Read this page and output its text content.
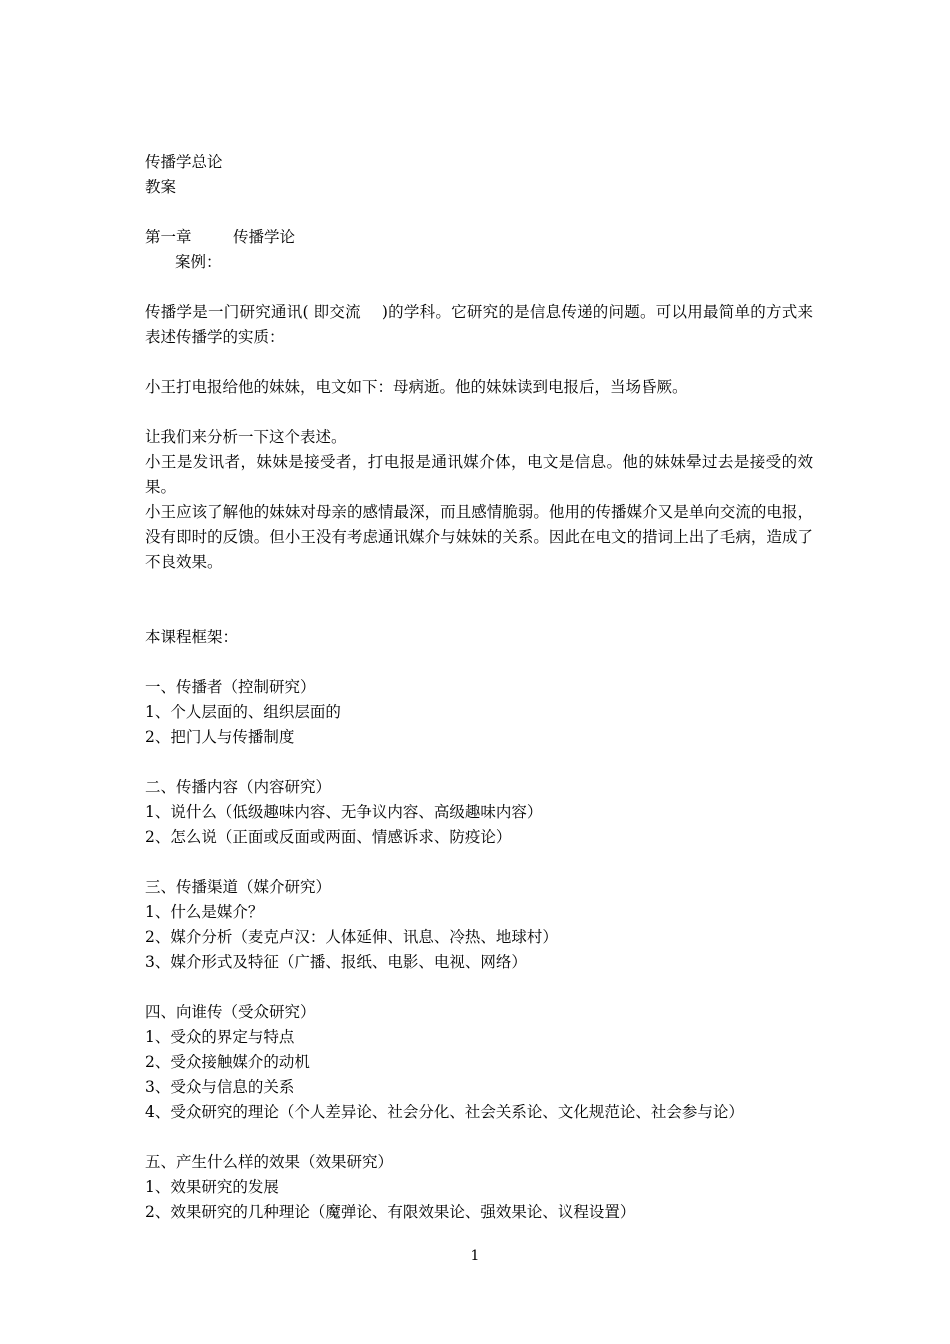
传播学总论
教案
第一章	传播学论
案例：
传播学是一门研究通讯( 即交流 　)的学科。它研究的是信息传递的问题。可以用最简单的方式来表述传播学的实质：
小王打电报给他的妹妹，电文如下：母病逝。他的妹妹读到电报后，当场昏厥。
让我们来分析一下这个表述。
小王是发讯者，妹妹是接受者，打电报是通讯媒介体，电文是信息。他的妹妹晕过去是接受的效果。
小王应该了解他的妹妹对母亲的感情最深，而且感情脆弱。他用的传播媒介又是单向交流的电报，没有即时的反馈。但小王没有考虑通讯媒介与妹妹的关系。因此在电文的措词上出了毛病，造成了不良效果。
本课程框架：
一、传播者（控制研究）
1、个人层面的、组织层面的
2、把门人与传播制度
二、传播内容（内容研究）
1、说什么（低级趣味内容、无争议内容、高级趣味内容）
2、怎么说（正面或反面或两面、情感诉求、防疫论）
三、传播渠道（媒介研究）
1、什么是媒介？
2、媒介分析（麦克卢汉：人体延伸、讯息、冷热、地球村）
3、媒介形式及特征（广播、报纸、电影、电视、网络）
四、向谁传（受众研究）
1、受众的界定与特点
2、受众接触媒介的动机
3、受众与信息的关系
4、受众研究的理论（个人差异论、社会分化、社会关系论、文化规范论、社会参与论）
五、产生什么样的效果（效果研究）
1、效果研究的发展
2、效果研究的几种理论（魔弹论、有限效果论、强效果论、议程设置）
1
